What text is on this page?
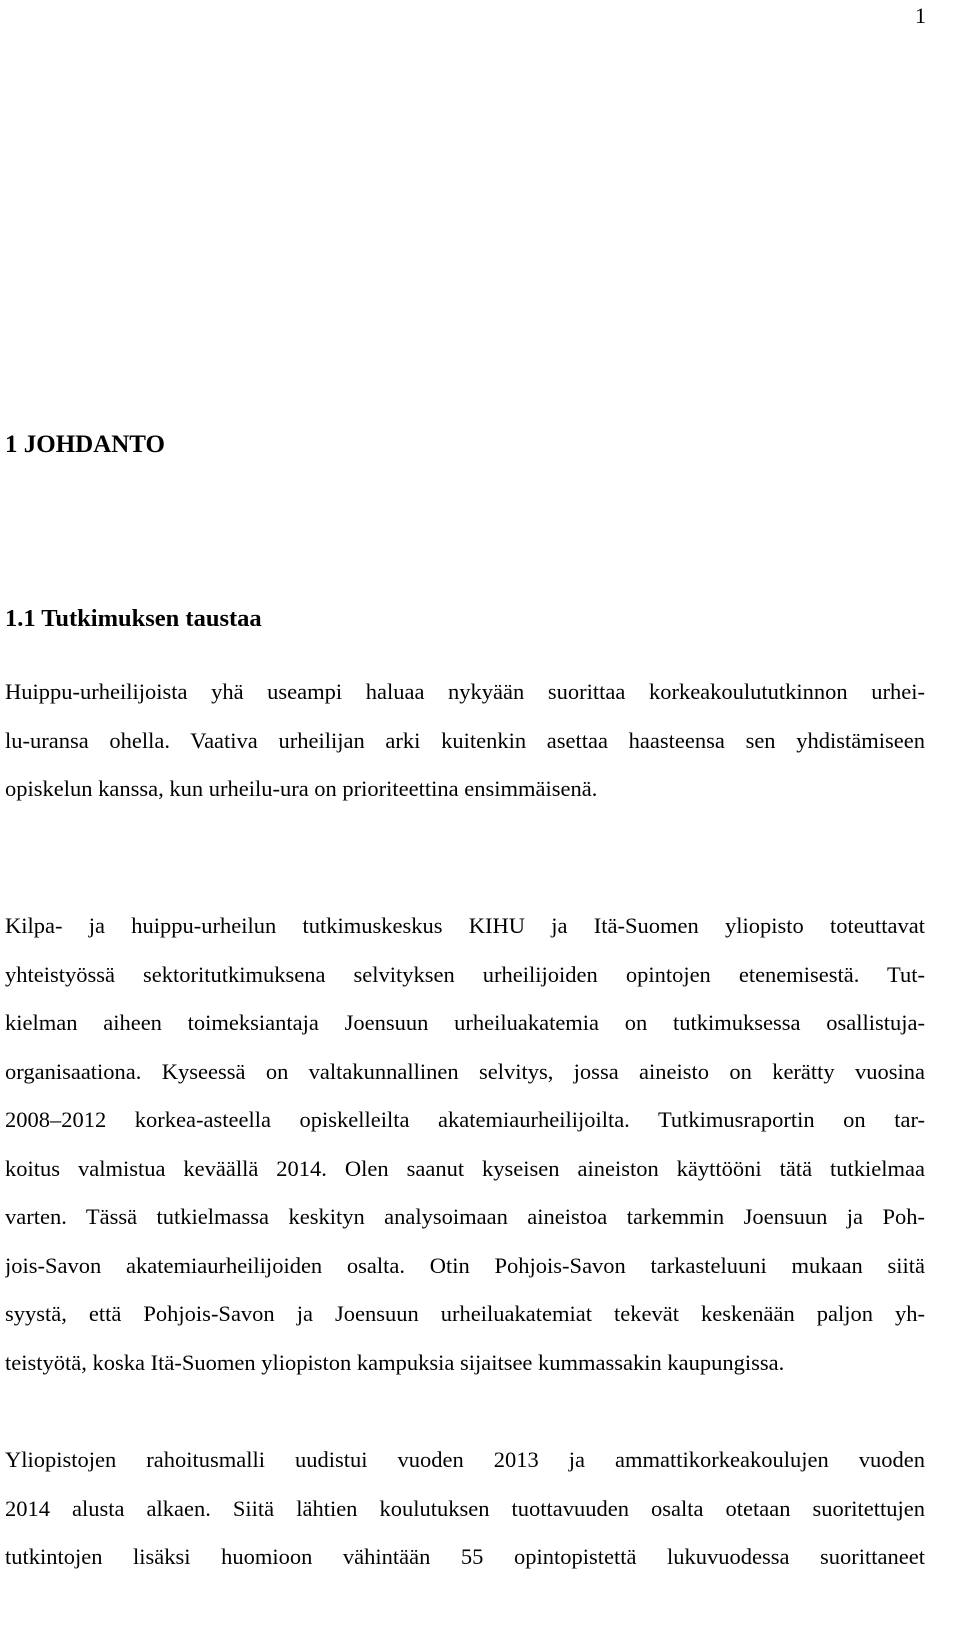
1
1 JOHDANTO
1.1 Tutkimuksen taustaa

Huippu-urheilijoista yhä useampi haluaa nykyään suorittaa korkeakoulututkinnon urhei-
lu-uransa ohella. Vaativa urheilijan arki kuitenkin asettaa haasteensa sen yhdistämiseen
opiskelun kanssa, kun urheilu-ura on prioriteettina ensimmäisenä.

Kilpa- ja huippu-urheilun tutkimuskeskus KIHU ja Itä-Suomen yliopisto toteuttavat
yhteistyössä sektoritutkimuksena selvityksen urheilijoiden opintojen etenemisestä. Tut-
kielman aiheen toimeksiantaja Joensuun urheiluakatemia on tutkimuksessa osallistuja-
organisaationa. Kyseessä on valtakunnallinen selvitys, jossa aineisto on kerätty vuosina
2008–2012 korkea-asteella opiskelleilta akatemiaurheilijoilta. Tutkimusraportin on tar-
koitus valmistua keväällä 2014. Olen saanut kyseisen aineiston käyttööni tätä tutkielmaa
varten. Tässä tutkielmassa keskityn analysoimaan aineistoa tarkemmin Joensuun ja Poh-
jois-Savon akatemiaurheilijoiden osalta. Otin Pohjois-Savon tarkasteluuni mukaan siitä
syystä, että Pohjois-Savon ja Joensuun urheiluakatemiat tekevät keskenään paljon yh-
teistyötä, koska Itä-Suomen yliopiston kampuksia sijaitsee kummassakin kaupungissa.

Yliopistojen rahoitusmalli uudistui vuoden 2013 ja ammattikorkeakoulujen vuoden
2014 alusta alkaen. Siitä lähtien koulutuksen tuottavuuden osalta otetaan suoritettujen
tutkintojen lisäksi huomioon vähintään 55 opintopistettä lukuvuodessa suorittaneet
